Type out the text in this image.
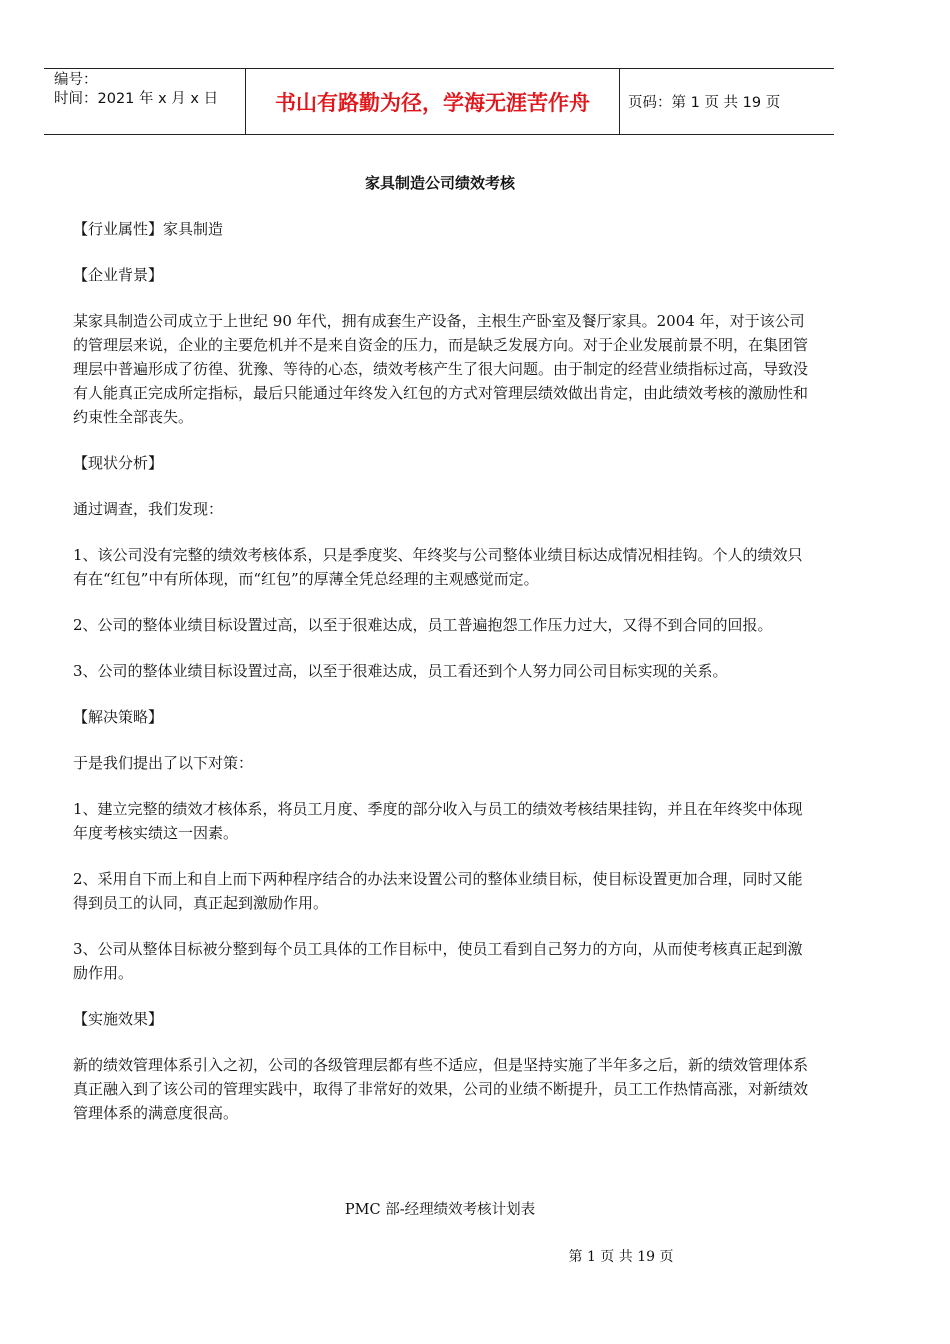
编号：
时间：2021 年 x 月 x 日	书山有路勤为径，学海无涯苦作舟	页码：第 1 页 共 19 页
家具制造公司绩效考核

【行业属性】家具制造

【企业背景】

某家具制造公司成立于上世纪 90 年代，拥有成套生产设备，主根生产卧室及餐厅家具。2004 年，对于该公司的管理层来说，企业的主要危机并不是来自资金的压力，而是缺乏发展方向。对于企业发展前景不明，在集团管理层中普遍形成了彷徨、犹豫、等待的心态，绩效考核产生了很大问题。由于制定的经营业绩指标过高，导致没有人能真正完成所定指标，最后只能通过年终发入红包的方式对管理层绩效做出肯定，由此绩效考核的激励性和约束性全部丧失。

【现状分析】

通过调查，我们发现：

1、该公司没有完整的绩效考核体系，只是季度奖、年终奖与公司整体业绩目标达成情况相挂钩。个人的绩效只有在“红包”中有所体现，而“红包”的厚薄全凭总经理的主观感觉而定。

2、公司的整体业绩目标设置过高，以至于很难达成，员工普遍抱怨工作压力过大，又得不到合同的回报。

3、公司的整体业绩目标设置过高，以至于很难达成，员工看还到个人努力同公司目标实现的关系。

【解决策略】

于是我们提出了以下对策：

1、建立完整的绩效才核体系，将员工月度、季度的部分收入与员工的绩效考核结果挂钩，并且在年终奖中体现年度考核实绩这一因素。

2、采用自下而上和自上而下两种程序结合的办法来设置公司的整体业绩目标，使目标设置更加合理，同时又能得到员工的认同，真正起到激励作用。

3、公司从整体目标被分整到每个员工具体的工作目标中，使员工看到自己努力的方向，从而使考核真正起到激励作用。

【实施效果】

新的绩效管理体系引入之初，公司的各级管理层都有些不适应，但是坚持实施了半年多之后，新的绩效管理体系真正融入到了该公司的管理实践中，取得了非常好的效果，公司的业绩不断提升，员工工作热情高涨，对新绩效管理体系的满意度很高。

PMC 部-经理绩效考核计划表
第 1 页 共 19 页
